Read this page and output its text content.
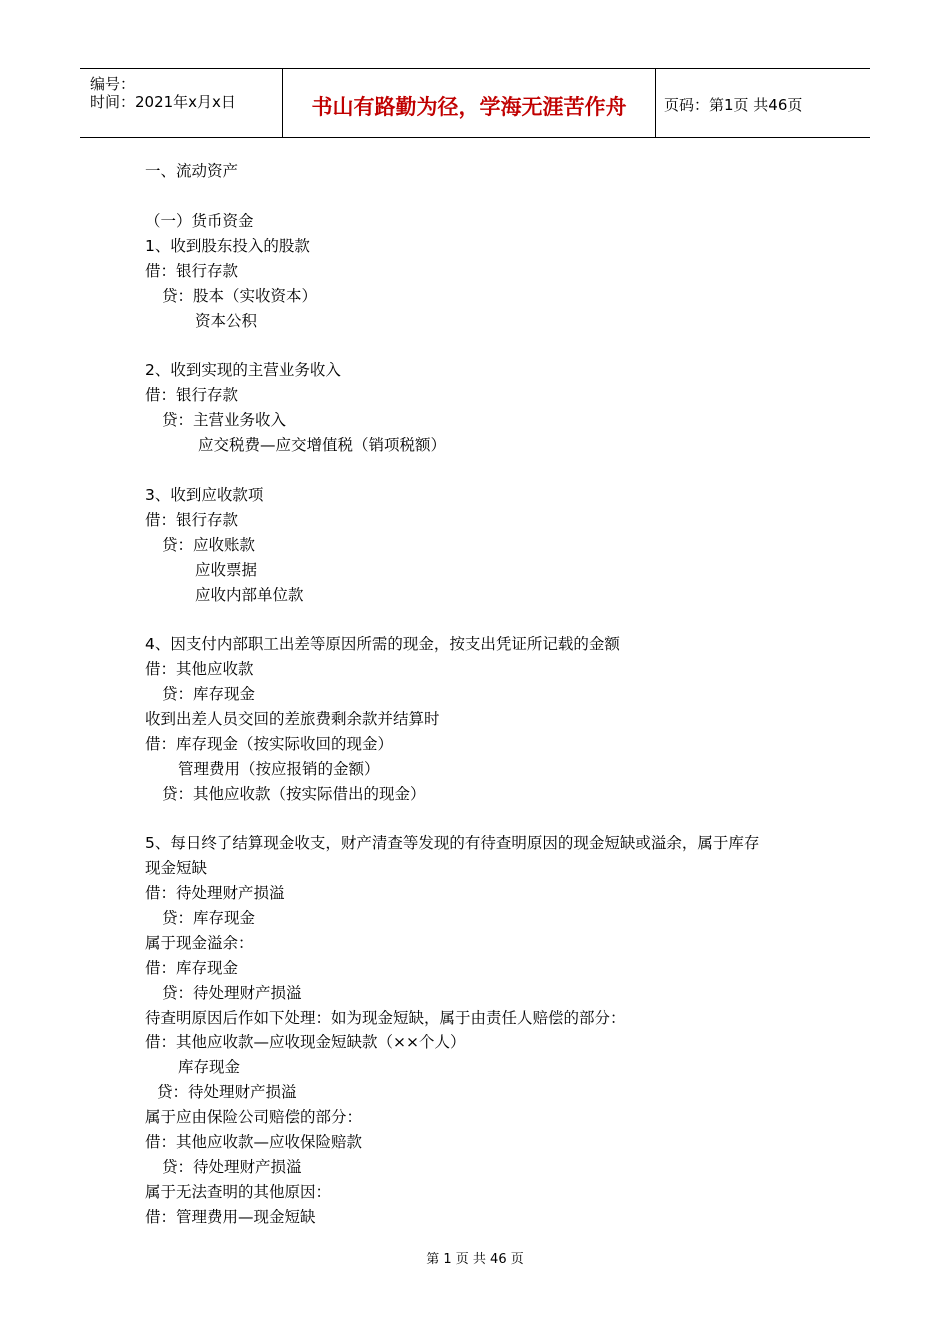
编号：
时间：2021年x月x日	书山有路勤为径，学海无涯苦作舟	页码：第1页 共46页
一、流动资产
（一）货币资金
1、收到股东投入的股款
借：银行存款
贷：股本（实收资本）
资本公积
2、收到实现的主营业务收入
借：银行存款
贷：主营业务收入
应交税费—应交增值税（销项税额）
3、收到应收款项
借：银行存款
贷：应收账款
应收票据
应收内部单位款
4、因支付内部职工出差等原因所需的现金，按支出凭证所记载的金额
借：其他应收款
贷：库存现金
收到出差人员交回的差旅费剩余款并结算时
借：库存现金（按实际收回的现金）
管理费用（按应报销的金额）
贷：其他应收款（按实际借出的现金）
5、每日终了结算现金收支，财产清查等发现的有待查明原因的现金短缺或溢余，属于库存
现金短缺
借：待处理财产损溢
贷：库存现金
属于现金溢余：
借：库存现金
贷：待处理财产损溢
待查明原因后作如下处理：如为现金短缺，属于由责任人赔偿的部分：
借：其他应收款—应收现金短缺款（××个人）
库存现金
贷：待处理财产损溢
属于应由保险公司赔偿的部分：
借：其他应收款—应收保险赔款
贷：待处理财产损溢
属于无法查明的其他原因：
借：管理费用—现金短缺
第 1 页 共 46 页
